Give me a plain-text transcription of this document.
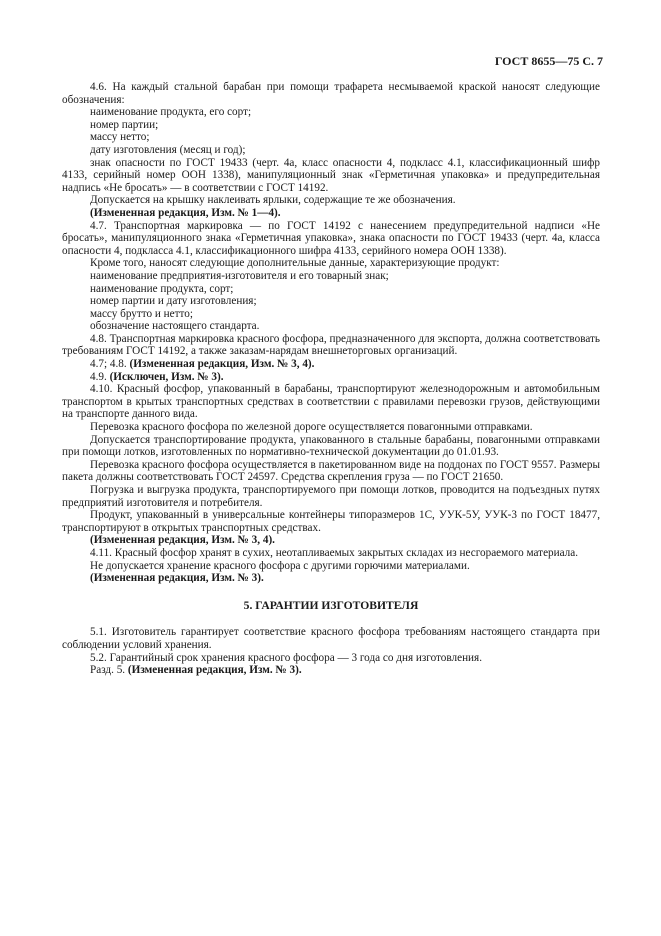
ГОСТ 8655—75 С. 7

4.6. На каждый стальной барабан при помощи трафарета несмываемой краской наносят следующие обозначения:

наименование продукта, его сорт;

номер партии;

массу нетто;

дату изготовления (месяц и год);

знак опасности по ГОСТ 19433 (черт. 4а, класс опасности 4, подкласс 4.1, классификационный шифр 4133, серийный номер ООН 1338), манипуляционный знак «Герметичная упаковка» и предупредительная надпись «Не бросать» — в соответствии с ГОСТ 14192.

Допускается на крышку наклеивать ярлыки, содержащие те же обозначения.

(Измененная редакция, Изм. № 1—4).

4.7. Транспортная маркировка — по ГОСТ 14192 с нанесением предупредительной надписи «Не бросать», манипуляционного знака «Герметичная упаковка», знака опасности по ГОСТ 19433 (черт. 4а, класса опасности 4, подкласса 4.1, классификационного шифра 4133, серийного номера ООН 1338).

Кроме того, наносят следующие дополнительные данные, характеризующие продукт:

наименование предприятия-изготовителя и его товарный знак;

наименование продукта, сорт;

номер партии и дату изготовления;

массу брутто и нетто;

обозначение настоящего стандарта.

4.8. Транспортная маркировка красного фосфора, предназначенного для экспорта, должна соответствовать требованиям ГОСТ 14192, а также заказам-нарядам внешнеторговых организаций.

4.7; 4.8. (Измененная редакция, Изм. № 3, 4).

4.9. (Исключен, Изм. № 3).

4.10. Красный фосфор, упакованный в барабаны, транспортируют железнодорожным и автомобильным транспортом в крытых транспортных средствах в соответствии с правилами перевозки грузов, действующими на транспорте данного вида.

Перевозка красного фосфора по железной дороге осуществляется повагонными отправками.

Допускается транспортирование продукта, упакованного в стальные барабаны, повагонными отправками при помощи лотков, изготовленных по нормативно-технической документации до 01.01.93.

Перевозка красного фосфора осуществляется в пакетированном виде на поддонах по ГОСТ 9557. Размеры пакета должны соответствовать ГОСТ 24597. Средства скрепления груза — по ГОСТ 21650.

Погрузка и выгрузка продукта, транспортируемого при помощи лотков, проводится на подъездных путях предприятий изготовителя и потребителя.

Продукт, упакованный в универсальные контейнеры типоразмеров 1С, УУК-5У, УУК-3 по ГОСТ 18477, транспортируют в открытых транспортных средствах.

(Измененная редакция, Изм. № 3, 4).

4.11. Красный фосфор хранят в сухих, неотапливаемых закрытых складах из несгораемого материала.

Не допускается хранение красного фосфора с другими горючими материалами.

(Измененная редакция, Изм. № 3).

5. ГАРАНТИИ ИЗГОТОВИТЕЛЯ

5.1. Изготовитель гарантирует соответствие красного фосфора требованиям настоящего стандарта при соблюдении условий хранения.

5.2. Гарантийный срок хранения красного фосфора — 3 года со дня изготовления.

Разд. 5. (Измененная редакция, Изм. № 3).
